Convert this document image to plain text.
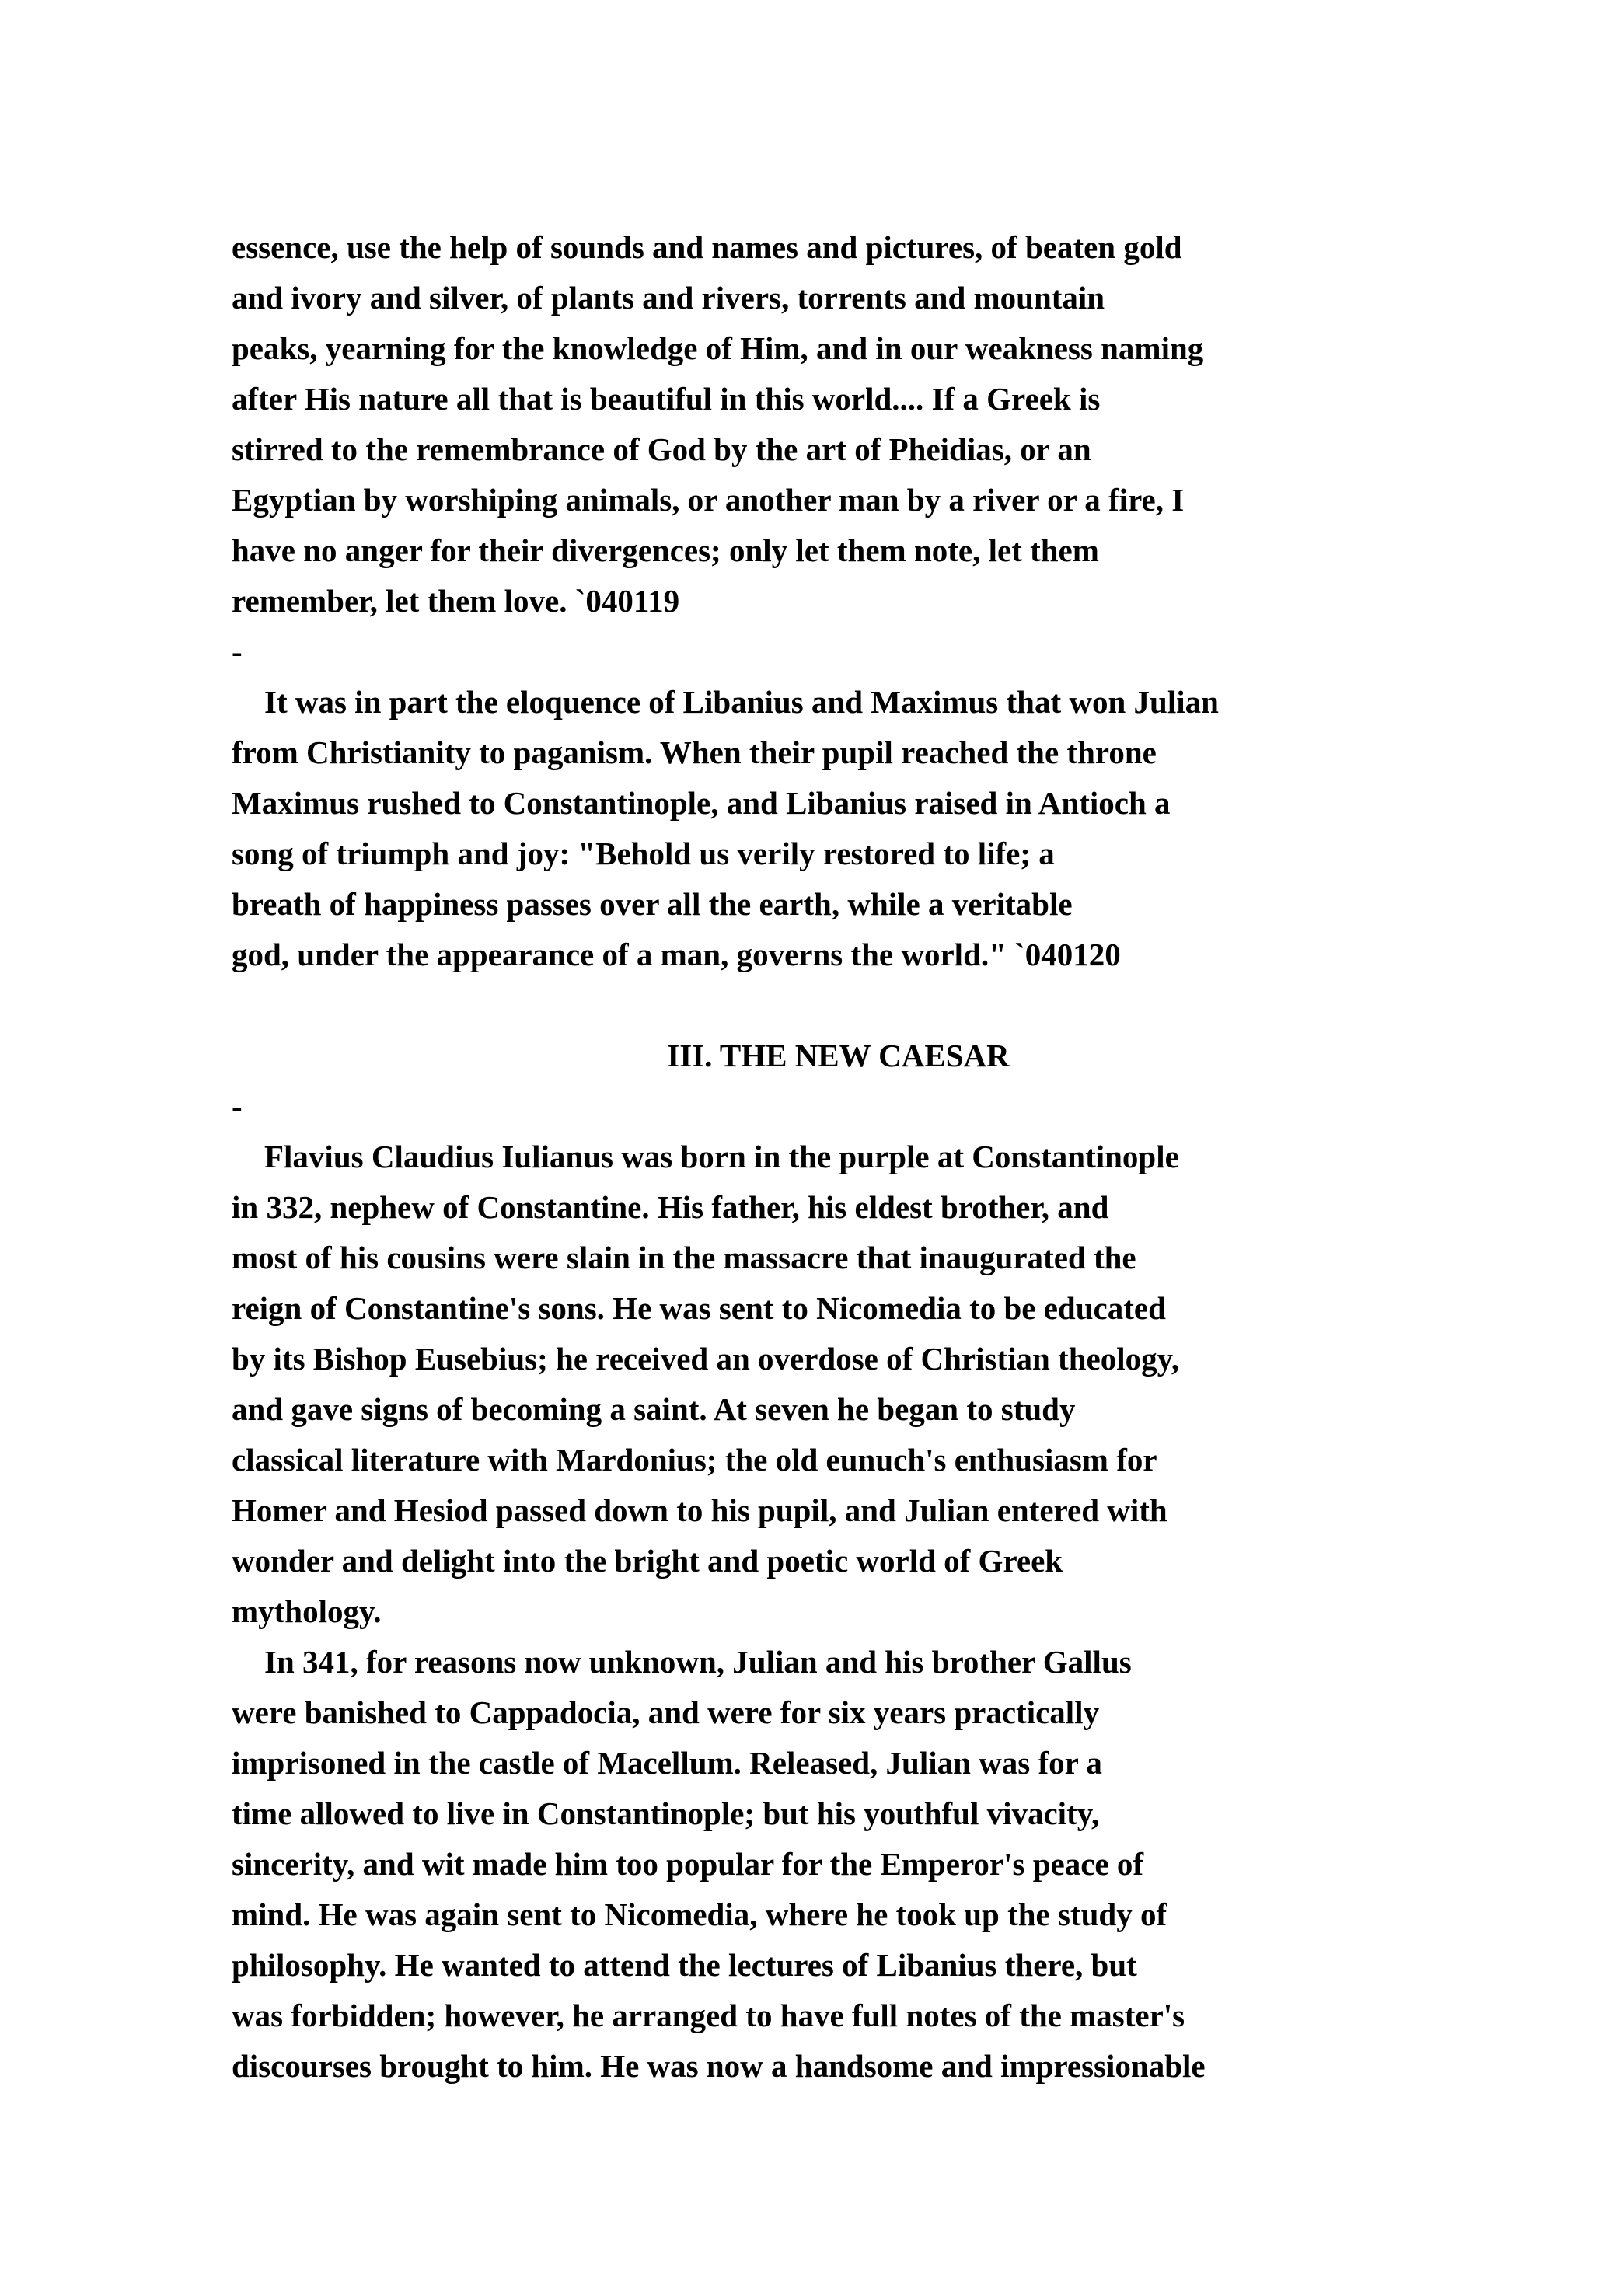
essence, use the help of sounds and names and pictures, of beaten gold

and ivory and silver, of plants and rivers, torrents and mountain

peaks, yearning for the knowledge of Him, and in our weakness naming

after His nature all that is beautiful in this world.... If a Greek is

stirred to the remembrance of God by the art of Pheidias, or an

Egyptian by worshiping animals, or another man by a river or a fire, I

have no anger for their divergences; only let them note, let them

remember, let them love. `040119

-

It was in part the eloquence of Libanius and Maximus that won Julian

from Christianity to paganism. When their pupil reached the throne

Maximus rushed to Constantinople, and Libanius raised in Antioch a

song of triumph and joy: "Behold us verily restored to life; a

breath of happiness passes over all the earth, while a veritable

god, under the appearance of a man, governs the world." `040120

III. THE NEW CAESAR

-

Flavius Claudius Iulianus was born in the purple at Constantinople

in 332, nephew of Constantine. His father, his eldest brother, and

most of his cousins were slain in the massacre that inaugurated the

reign of Constantine's sons. He was sent to Nicomedia to be educated

by its Bishop Eusebius; he received an overdose of Christian theology,

and gave signs of becoming a saint. At seven he began to study

classical literature with Mardonius; the old eunuch's enthusiasm for

Homer and Hesiod passed down to his pupil, and Julian entered with

wonder and delight into the bright and poetic world of Greek

mythology.

In 341, for reasons now unknown, Julian and his brother Gallus

were banished to Cappadocia, and were for six years practically

imprisoned in the castle of Macellum. Released, Julian was for a

time allowed to live in Constantinople; but his youthful vivacity,

sincerity, and wit made him too popular for the Emperor's peace of

mind. He was again sent to Nicomedia, where he took up the study of

philosophy. He wanted to attend the lectures of Libanius there, but

was forbidden; however, he arranged to have full notes of the master's

discourses brought to him. He was now a handsome and impressionable
